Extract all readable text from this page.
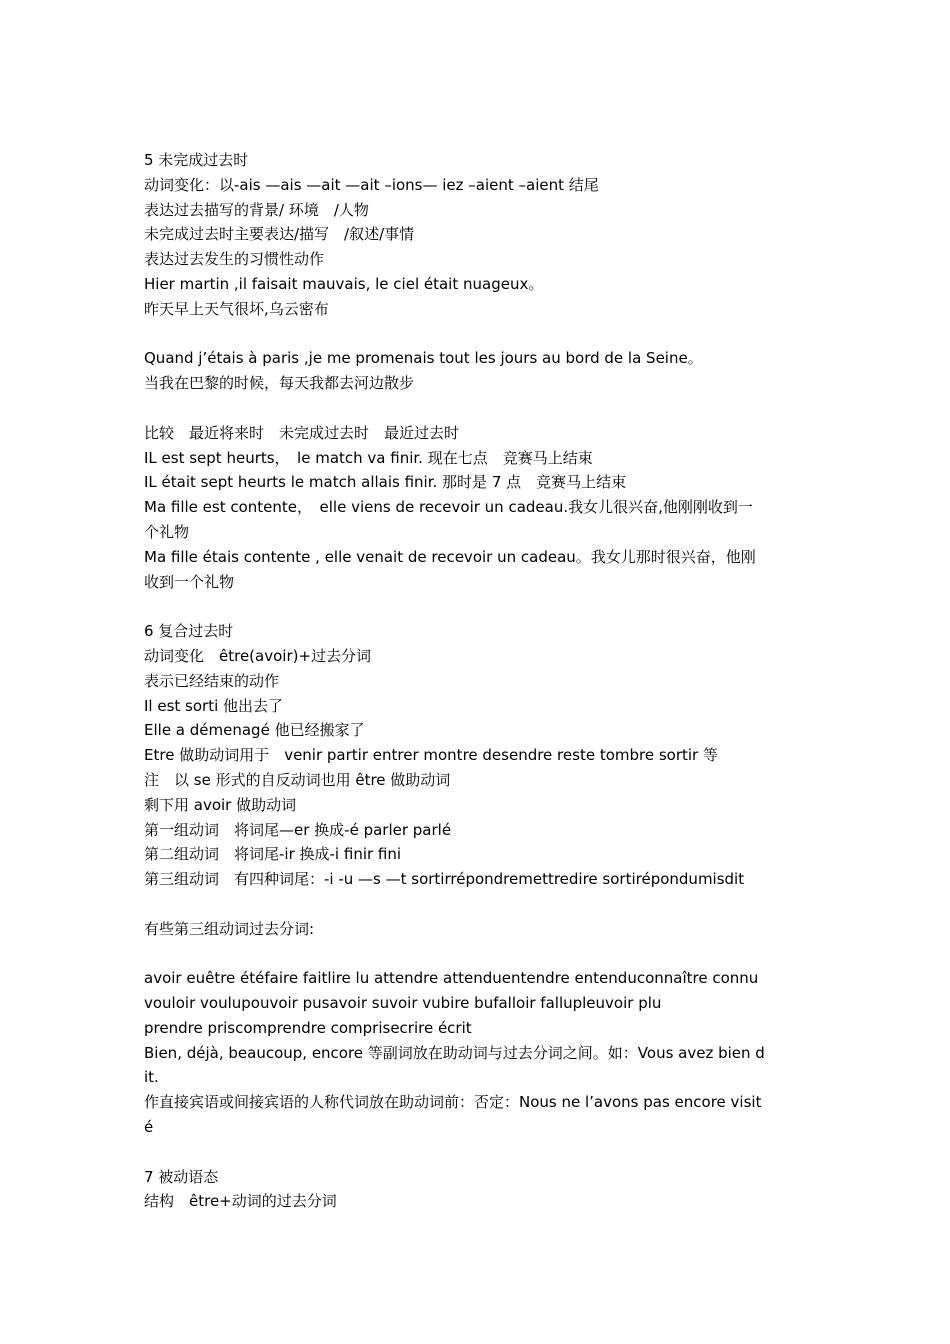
5 未完成过去时

动词变化：以-ais —ais —ait —ait –ions— iez –aient –aient 结尾

表达过去描写的背景/ 环境　/人物

未完成过去时主要表达/描写　/叙述/事情

表达过去发生的习惯性动作

Hier martin ,il faisait mauvais, le ciel était nuageux。

昨天早上天气很坏,乌云密布

Quand j’étais à paris ,je me promenais tout les jours au bord de la Seine。

当我在巴黎的时候，每天我都去河边散步

比较　最近将来时　未完成过去时　最近过去时

IL est sept heurts，　le match va finir. 现在七点　竞赛马上结束

IL était sept heurts le match allais finir. 那时是 7 点　竞赛马上结束

Ma fille est contente，　elle viens de recevoir un cadeau.我女儿很兴奋,他刚刚收到一

个礼物

Ma fille étais contente , elle venait de recevoir un cadeau。我女儿那时很兴奋，他刚

收到一个礼物

6 复合过去时

动词变化　être(avoir)+过去分词

表示已经结束的动作

Il est sorti 他出去了

Elle a démenagé 他已经搬家了

Etre 做助动词用于　venir partir entrer montre desendre reste tombre sortir 等

注　以 se 形式的自反动词也用 être 做助动词

剩下用 avoir 做助动词

第一组动词　将词尾—er 换成-é parler parlé

第二组动词　将词尾-ir 换成-i finir fini

第三组动词　有四种词尾：-i -u —s —t sortirrépondremettredire sortirépondumisdit

有些第三组动词过去分词:

avoir euêtre étéfaire faitlire lu attendre attenduentendre entenduconnaître connu

vouloir voulupouvoir pusavoir suvoir vubire bufalloir fallupleuvoir plu

prendre priscomprendre comprisecrire écrit

Bien, déjà, beaucoup, encore 等副词放在助动词与过去分词之间。如：Vous avez bien d

it.

作直接宾语或间接宾语的人称代词放在助动词前：否定：Nous ne l’avons pas encore visit

é

7 被动语态

结构　être+动词的过去分词
